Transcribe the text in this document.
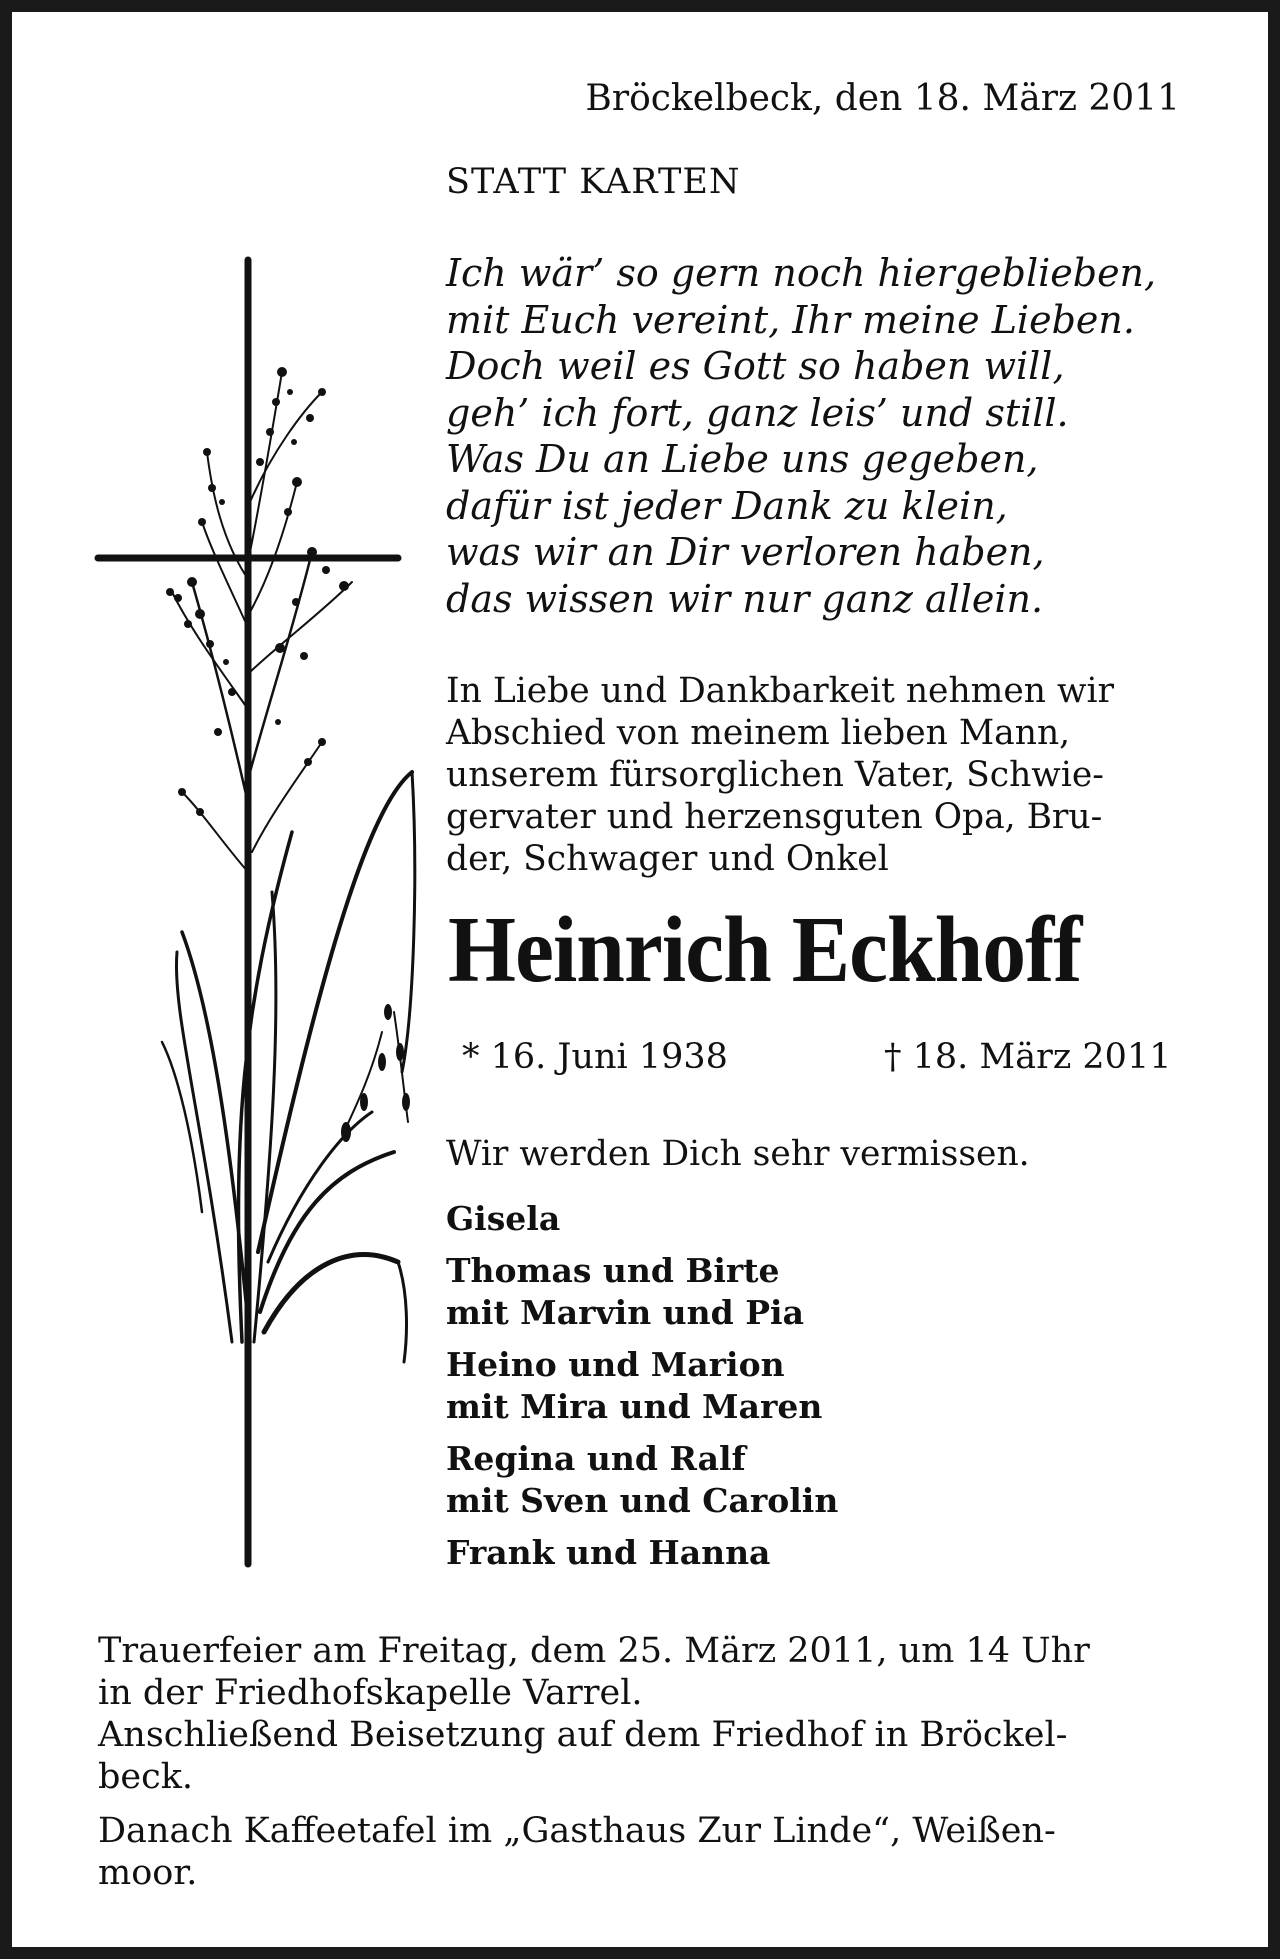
Bröckelbeck, den 18. März 2011
STATT KARTEN
Ich wär’ so gern noch hiergeblieben,
mit Euch vereint, Ihr meine Lieben.
Doch weil es Gott so haben will,
geh’ ich fort, ganz leis’ und still.
Was Du an Liebe uns gegeben,
dafür ist jeder Dank zu klein,
was wir an Dir verloren haben,
das wissen wir nur ganz allein.
In Liebe und Dankbarkeit nehmen wir
Abschied von meinem lieben Mann,
unserem fürsorglichen Vater, Schwie-
gervater und herzensguten Opa, Bru-
der, Schwager und Onkel
Heinrich Eckhoff
* 16. Juni 1938	† 18. März 2011
Wir werden Dich sehr vermissen.
Gisela
Thomas und Birte
mit Marvin und Pia
Heino und Marion
mit Mira und Maren
Regina und Ralf
mit Sven und Carolin
Frank und Hanna
Trauerfeier am Freitag, dem 25. März 2011, um 14 Uhr
in der Friedhofskapelle Varrel.
Anschließend Beisetzung auf dem Friedhof in Bröckel-
beck.
Danach Kaffeetafel im „Gasthaus Zur Linde“, Weißen-
moor.
